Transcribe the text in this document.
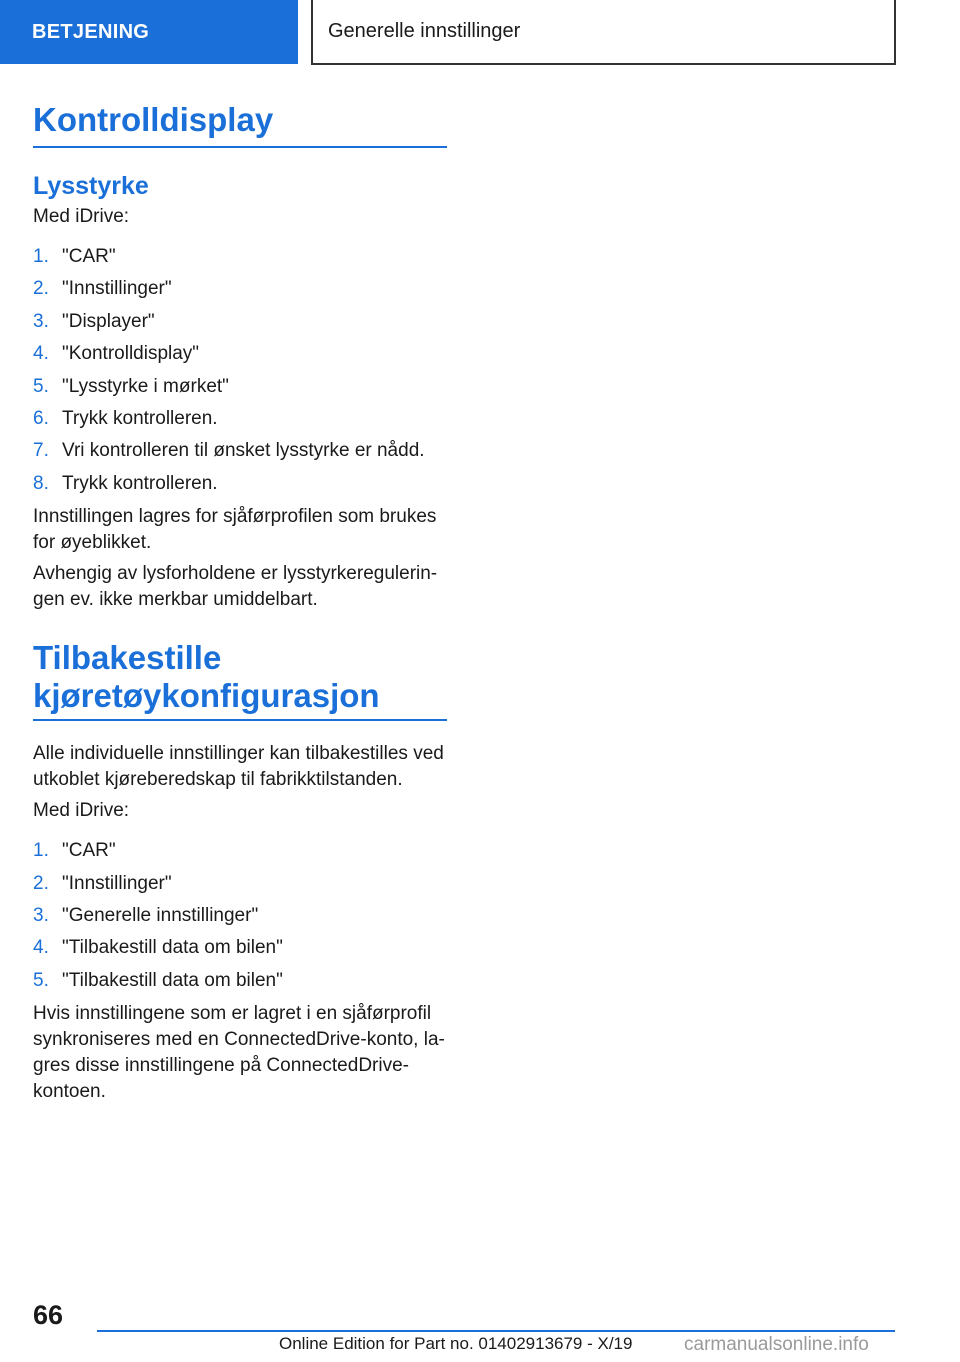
BETJENING	Generelle innstillinger
Kontrolldisplay
Lysstyrke

Med iDrive:

1. "CAR"
2. "Innstillinger"
3. "Displayer"
4. "Kontrolldisplay"
5. "Lysstyrke i mørket"
6. Trykk kontrolleren.
7. Vri kontrolleren til ønsket lysstyrke er nådd.
8. Trykk kontrolleren.

Innstillingen lagres for sjåførprofilen som brukes for øyeblikket.

Avhengig av lysforholdene er lysstyrkeregulerin-gen ev. ikke merkbar umiddelbart.

Tilbakestille kjøretøykonfigurasjon

Alle individuelle innstillinger kan tilbakestilles ved utkoblet kjøreberedskap til fabrikktilstanden.

Med iDrive:

1. "CAR"
2. "Innstillinger"
3. "Generelle innstillinger"
4. "Tilbakestill data om bilen"
5. "Tilbakestill data om bilen"

Hvis innstillingene som er lagret i en sjåførprofil synkroniseres med en ConnectedDrive-konto, la-gres disse innstillingene på ConnectedDrive-kontoen.

66
Online Edition for Part no. 01402913679 - X/19	carmanualsonline.info
